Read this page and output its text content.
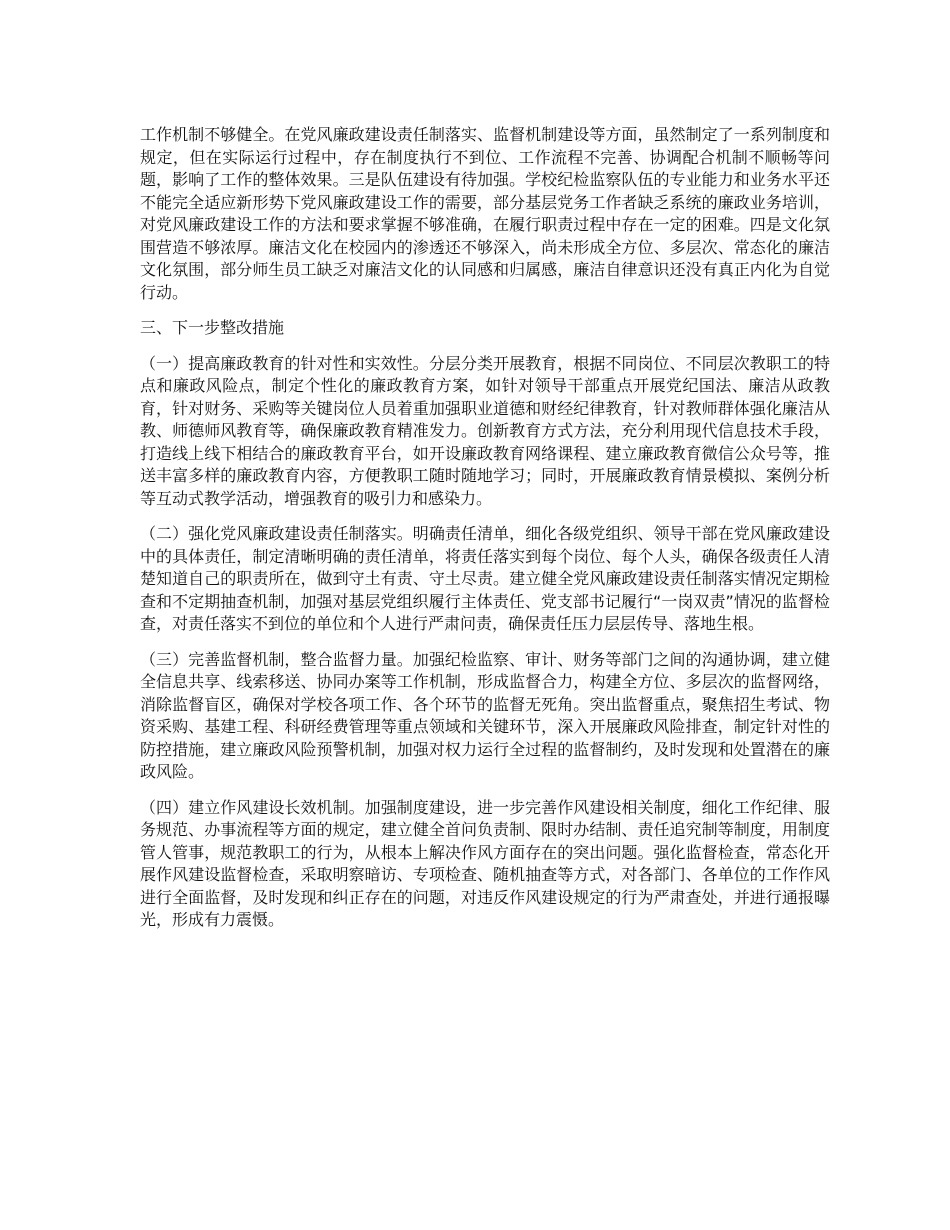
工作机制不够健全。在党风廉政建设责任制落实、监督机制建设等方面，虽然制定了一系列制度和规定，但在实际运行过程中，存在制度执行不到位、工作流程不完善、协调配合机制不顺畅等问题，影响了工作的整体效果。三是队伍建设有待加强。学校纪检监察队伍的专业能力和业务水平还不能完全适应新形势下党风廉政建设工作的需要，部分基层党务工作者缺乏系统的廉政业务培训，对党风廉政建设工作的方法和要求掌握不够准确，在履行职责过程中存在一定的困难。四是文化氛围营造不够浓厚。廉洁文化在校园内的渗透还不够深入，尚未形成全方位、多层次、常态化的廉洁文化氛围，部分师生员工缺乏对廉洁文化的认同感和归属感，廉洁自律意识还没有真正内化为自觉行动。

三、下一步整改措施

（一）提高廉政教育的针对性和实效性。分层分类开展教育，根据不同岗位、不同层次教职工的特点和廉政风险点，制定个性化的廉政教育方案，如针对领导干部重点开展党纪国法、廉洁从政教育，针对财务、采购等关键岗位人员着重加强职业道德和财经纪律教育，针对教师群体强化廉洁从教、师德师风教育等，确保廉政教育精准发力。创新教育方式方法，充分利用现代信息技术手段，打造线上线下相结合的廉政教育平台，如开设廉政教育网络课程、建立廉政教育微信公众号等，推送丰富多样的廉政教育内容，方便教职工随时随地学习；同时，开展廉政教育情景模拟、案例分析等互动式教学活动，增强教育的吸引力和感染力。

（二）强化党风廉政建设责任制落实。明确责任清单，细化各级党组织、领导干部在党风廉政建设中的具体责任，制定清晰明确的责任清单，将责任落实到每个岗位、每个人头，确保各级责任人清楚知道自己的职责所在，做到守土有责、守土尽责。建立健全党风廉政建设责任制落实情况定期检查和不定期抽查机制，加强对基层党组织履行主体责任、党支部书记履行“一岗双责”情况的监督检查，对责任落实不到位的单位和个人进行严肃问责，确保责任压力层层传导、落地生根。

（三）完善监督机制，整合监督力量。加强纪检监察、审计、财务等部门之间的沟通协调，建立健全信息共享、线索移送、协同办案等工作机制，形成监督合力，构建全方位、多层次的监督网络，消除监督盲区，确保对学校各项工作、各个环节的监督无死角。突出监督重点，聚焦招生考试、物资采购、基建工程、科研经费管理等重点领域和关键环节，深入开展廉政风险排查，制定针对性的防控措施，建立廉政风险预警机制，加强对权力运行全过程的监督制约，及时发现和处置潜在的廉政风险。

（四）建立作风建设长效机制。加强制度建设，进一步完善作风建设相关制度，细化工作纪律、服务规范、办事流程等方面的规定，建立健全首问负责制、限时办结制、责任追究制等制度，用制度管人管事，规范教职工的行为，从根本上解决作风方面存在的突出问题。强化监督检查，常态化开展作风建设监督检查，采取明察暗访、专项检查、随机抽查等方式，对各部门、各单位的工作作风进行全面监督，及时发现和纠正存在的问题，对违反作风建设规定的行为严肃查处，并进行通报曝光，形成有力震慑。
